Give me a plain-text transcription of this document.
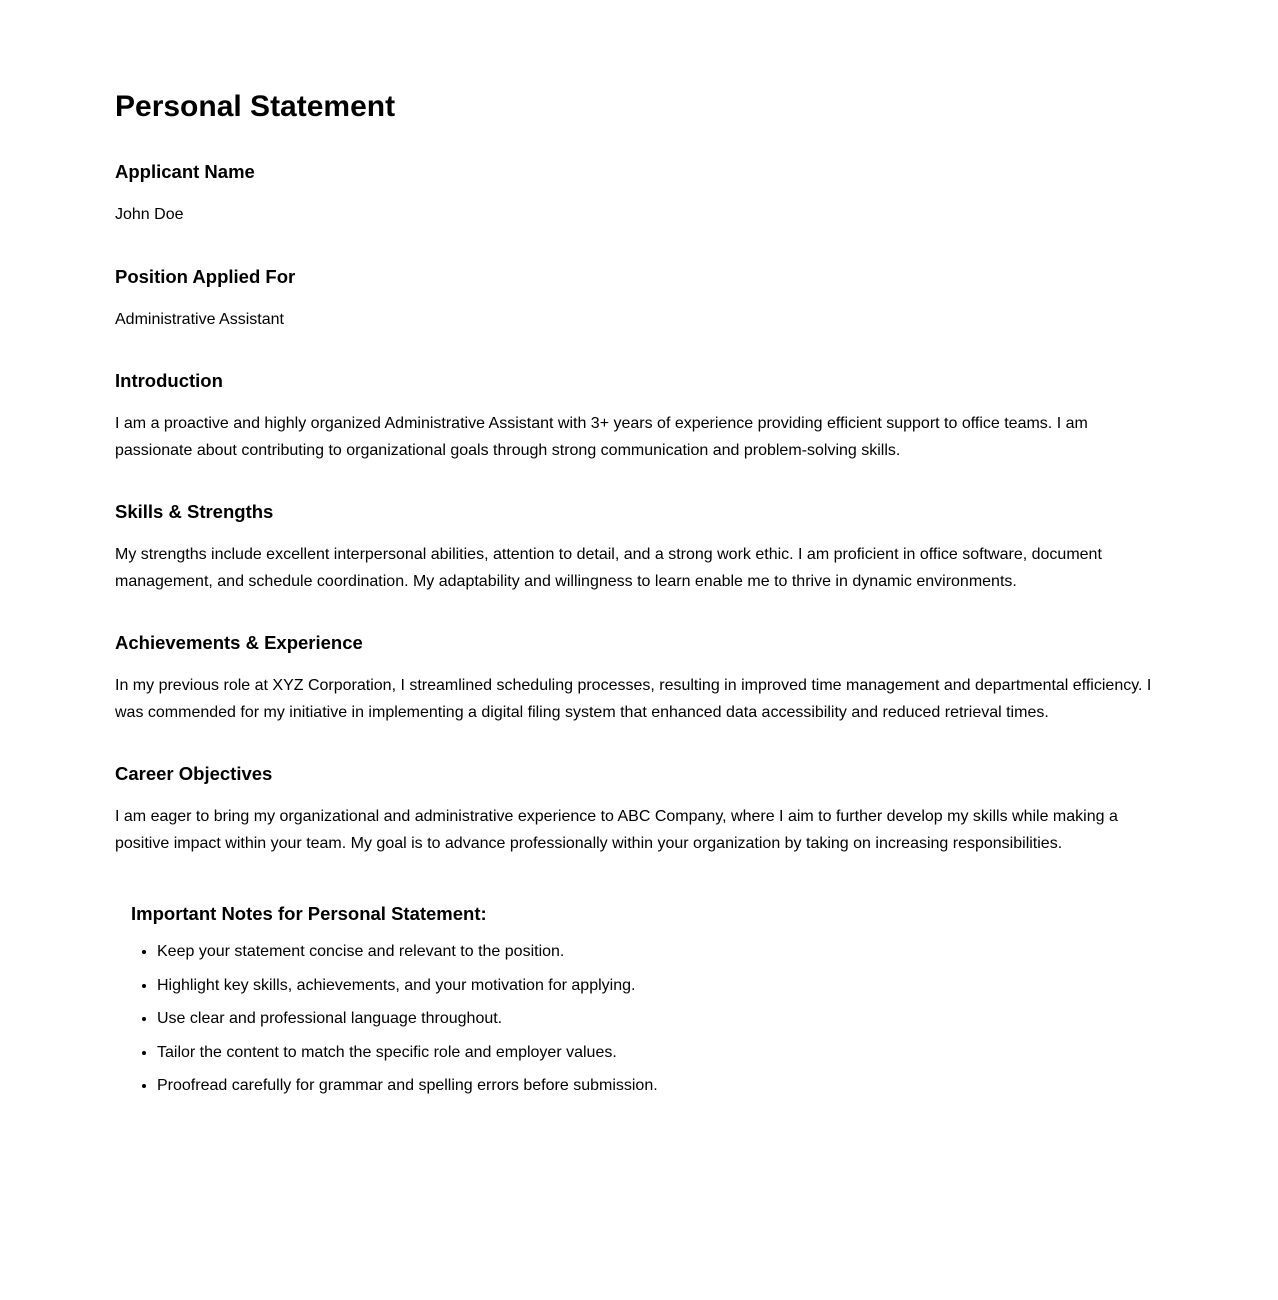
Personal Statement
Applicant Name

John Doe

Position Applied For

Administrative Assistant

Introduction

I am a proactive and highly organized Administrative Assistant with 3+ years of experience providing efficient support to office teams. I am passionate about contributing to organizational goals through strong communication and problem-solving skills.

Skills & Strengths

My strengths include excellent interpersonal abilities, attention to detail, and a strong work ethic. I am proficient in office software, document management, and schedule coordination. My adaptability and willingness to learn enable me to thrive in dynamic environments.

Achievements & Experience

In my previous role at XYZ Corporation, I streamlined scheduling processes, resulting in improved time management and departmental efficiency. I was commended for my initiative in implementing a digital filing system that enhanced data accessibility and reduced retrieval times.

Career Objectives

I am eager to bring my organizational and administrative experience to ABC Company, where I aim to further develop my skills while making a positive impact within your team. My goal is to advance professionally within your organization by taking on increasing responsibilities.

Important Notes for Personal Statement:
• Keep your statement concise and relevant to the position.
• Highlight key skills, achievements, and your motivation for applying.
• Use clear and professional language throughout.
• Tailor the content to match the specific role and employer values.
• Proofread carefully for grammar and spelling errors before submission.
